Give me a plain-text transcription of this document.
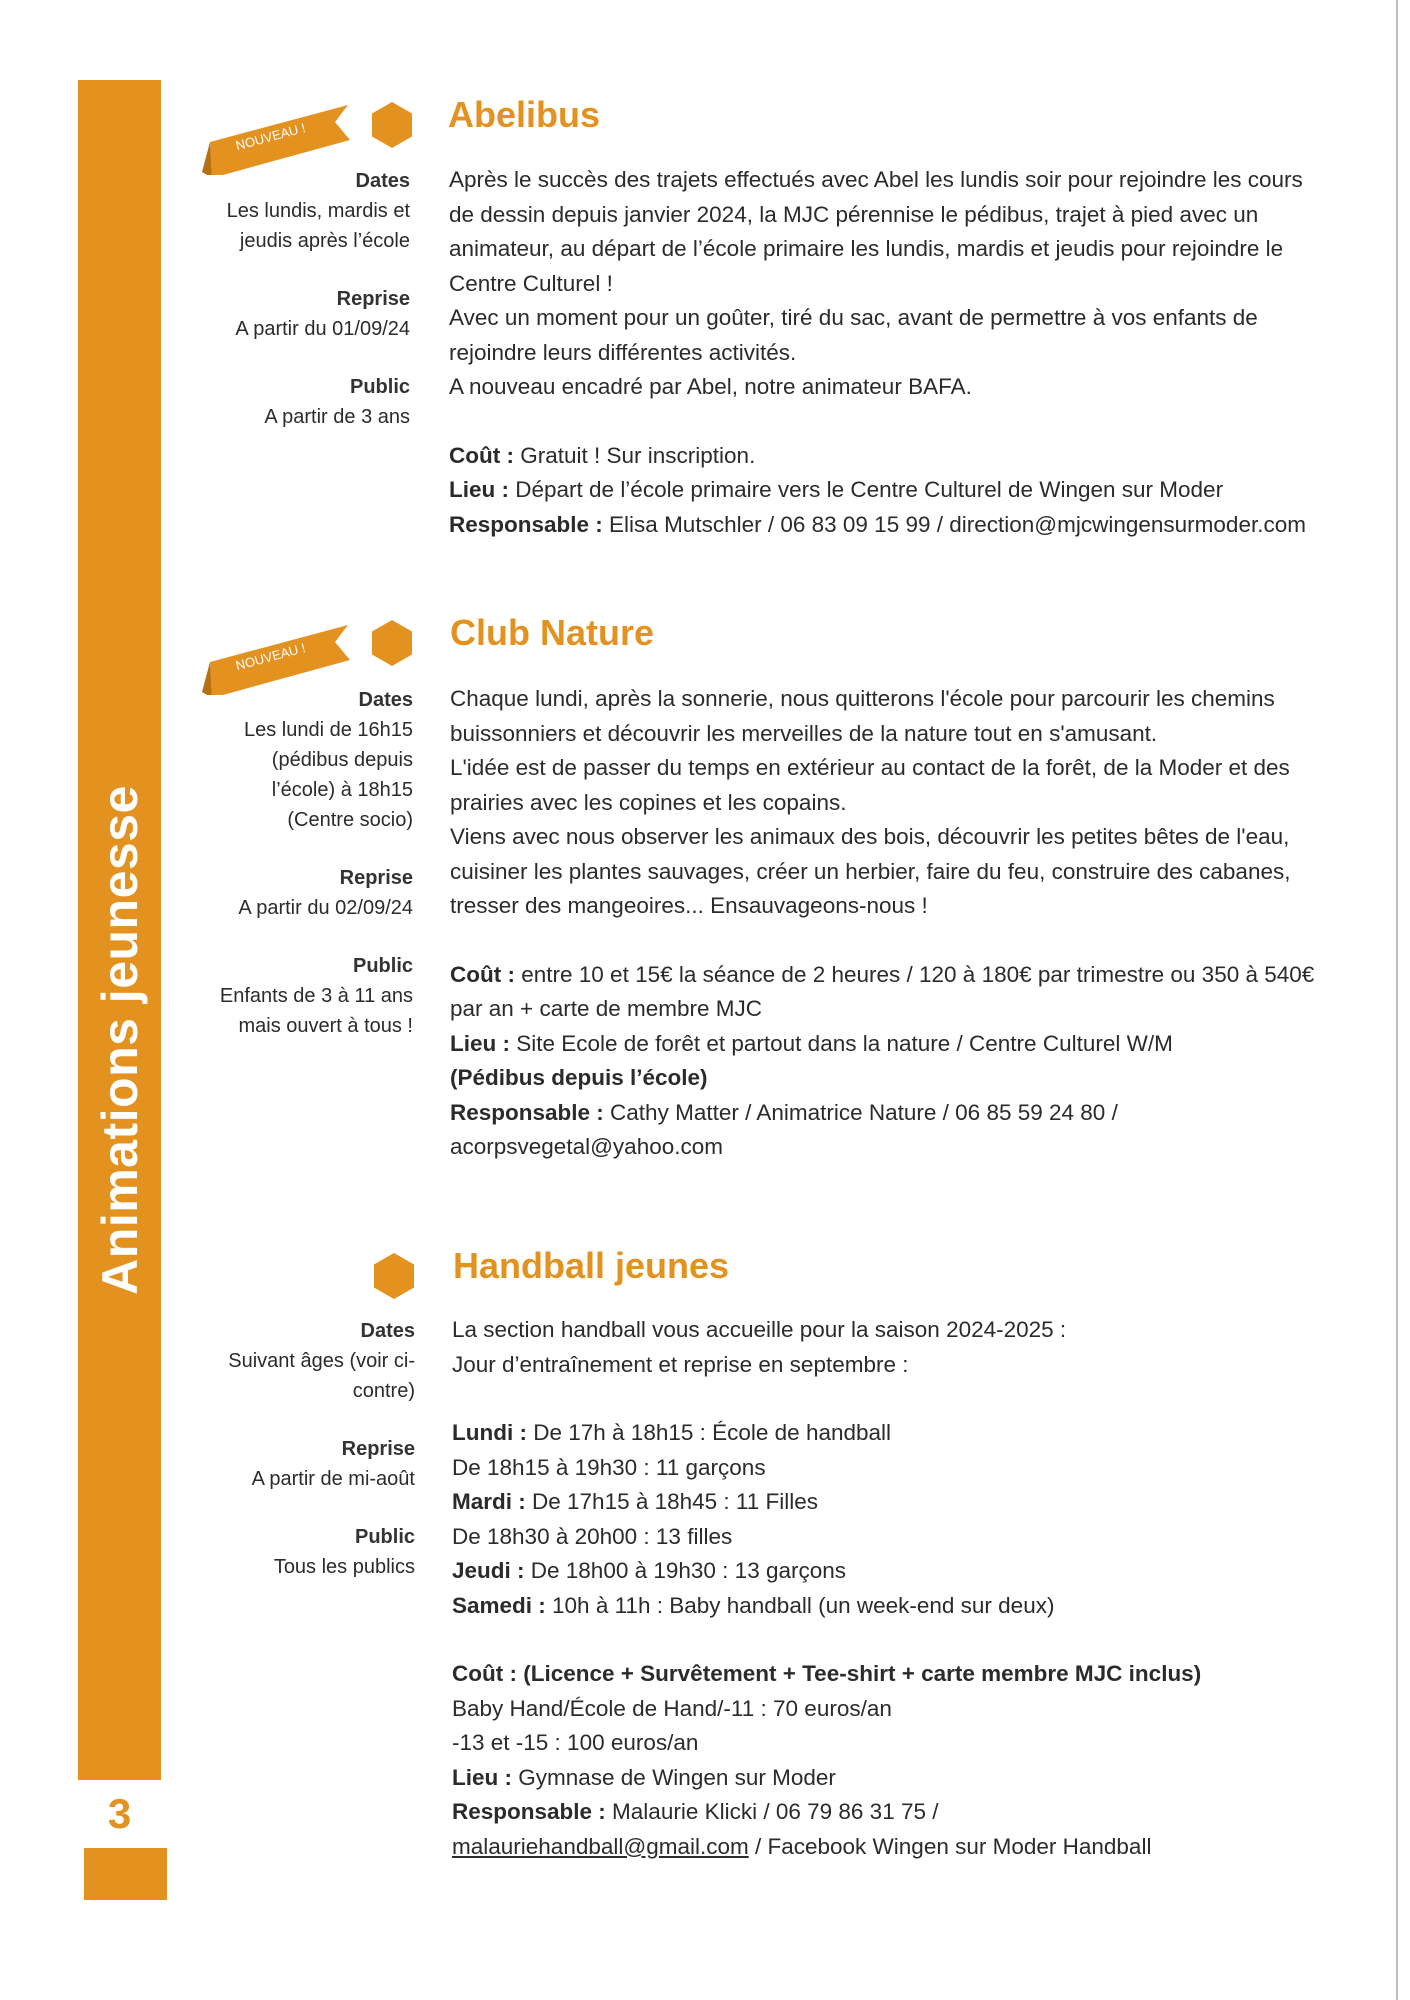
Animations jeunesse
3
NOUVEAU !
Abelibus
Dates
Les lundis, mardis et jeudis après l’école
Reprise
A partir du 01/09/24
Public
A partir de 3 ans

Après le succès des trajets effectués avec Abel les lundis soir pour rejoindre les cours de dessin depuis janvier 2024, la MJC pérennise le pédibus, trajet à pied avec un animateur, au départ de l’école primaire les lundis, mardis et jeudis pour rejoindre le Centre Culturel !

Avec un moment pour un goûter, tiré du sac, avant de permettre à vos enfants de rejoindre leurs différentes activités.

A nouveau encadré par Abel, notre animateur BAFA.

Coût : Gratuit ! Sur inscription.

Lieu : Départ de l’école primaire vers le Centre Culturel de Wingen sur Moder

Responsable : Elisa Mutschler / 06 83 09 15 99 / direction@mjcwingensurmoder.com

NOUVEAU !
Club Nature
Dates
Les lundi de 16h15 (pédibus depuis l’école) à 18h15 (Centre socio)
Reprise
A partir du 02/09/24
Public
Enfants de 3 à 11 ans mais ouvert à tous !

Chaque lundi, après la sonnerie, nous quitterons l'école pour parcourir les chemins buissonniers et découvrir les merveilles de la nature tout en s'amusant.

L'idée est de passer du temps en extérieur au contact de la forêt, de la Moder et des prairies avec les copines et les copains.

Viens avec nous observer les animaux des bois, découvrir les petites bêtes de l'eau, cuisiner les plantes sauvages, créer un herbier, faire du feu, construire des cabanes, tresser des mangeoires... Ensauvageons-nous !

Coût : entre 10 et 15€ la séance de 2 heures / 120 à 180€ par trimestre ou 350 à 540€ par an + carte de membre MJC

Lieu : Site Ecole de forêt et partout dans la nature / Centre Culturel W/M

(Pédibus depuis l’école)

Responsable : Cathy Matter / Animatrice Nature / 06 85 59 24 80 / acorpsvegetal@yahoo.com

Handball jeunes
Dates
Suivant âges (voir ci-contre)
Reprise
A partir de mi-août
Public
Tous les publics

La section handball vous accueille pour la saison 2024-2025 :

Jour d’entraînement et reprise en septembre :

Lundi : De 17h à 18h15 : École de handball

De 18h15 à 19h30 : 11 garçons

Mardi : De 17h15 à 18h45 : 11 Filles

De 18h30 à 20h00 : 13 filles

Jeudi : De 18h00 à 19h30 : 13 garçons

Samedi : 10h à 11h : Baby handball (un week-end sur deux)

Coût : (Licence + Survêtement + Tee-shirt + carte membre MJC inclus)

Baby Hand/École de Hand/-11 : 70 euros/an

-13 et -15 : 100 euros/an

Lieu : Gymnase de Wingen sur Moder

Responsable : Malaurie Klicki / 06 79 86 31 75 /

malauriehandball@gmail.com / Facebook Wingen sur Moder Handball
